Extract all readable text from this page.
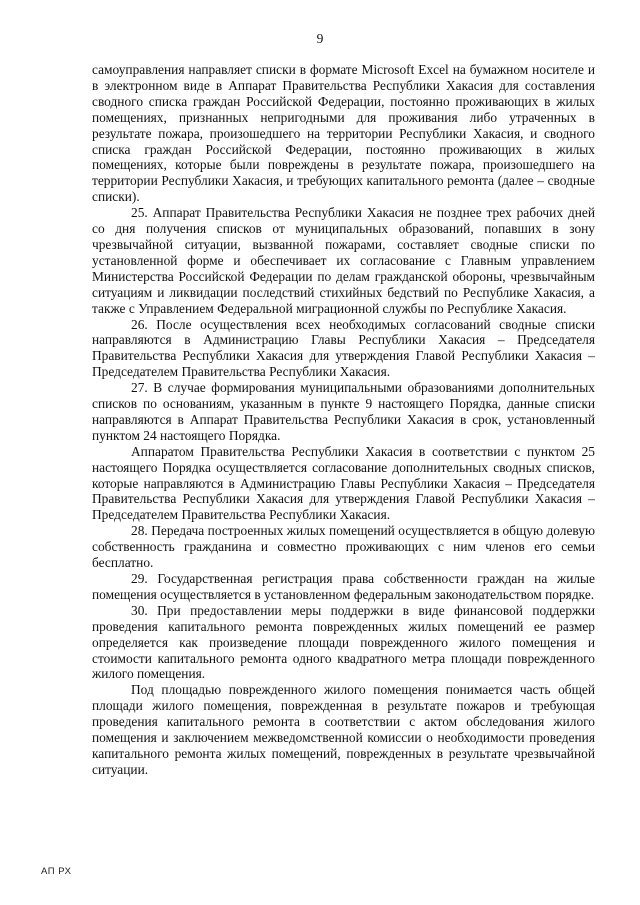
9

самоуправления направляет списки в формате Microsoft Excel на бумажном носителе и в электронном виде в Аппарат Правительства Республики Хакасия для составления сводного списка граждан Российской Федерации, постоянно проживающих в жилых помещениях, признанных непригодными для проживания либо утраченных в результате пожара, произошедшего на территории Республики Хакасия, и сводного списка граждан Российской Федерации, постоянно проживающих в жилых помещениях, которые были повреждены в результате пожара, произошедшего на территории Республики Хакасия, и требующих капитального ремонта (далее – сводные списки).

25. Аппарат Правительства Республики Хакасия не позднее трех рабочих дней со дня получения списков от муниципальных образований, попавших в зону чрезвычайной ситуации, вызванной пожарами, составляет сводные списки по установленной форме и обеспечивает их согласование с Главным управлением Министерства Российской Федерации по делам гражданской обороны, чрезвычайным ситуациям и ликвидации последствий стихийных бедствий по Республике Хакасия, а также с Управлением Федеральной миграционной службы по Республике Хакасия.

26. После осуществления всех необходимых согласований сводные списки направляются в Администрацию Главы Республики Хакасия – Председателя Правительства Республики Хакасия для утверждения Главой Республики Хакасия – Председателем Правительства Республики Хакасия.

27. В случае формирования муниципальными образованиями дополнительных списков по основаниям, указанным в пункте 9 настоящего Порядка, данные списки направляются в Аппарат Правительства Республики Хакасия в срок, установленный пунктом 24 настоящего Порядка.

Аппаратом Правительства Республики Хакасия в соответствии с пунктом 25 настоящего Порядка осуществляется согласование дополнительных сводных списков, которые направляются в Администрацию Главы Республики Хакасия – Председателя Правительства Республики Хакасия для утверждения Главой Республики Хакасия – Председателем Правительства Республики Хакасия.

28. Передача построенных жилых помещений осуществляется в общую долевую собственность гражданина и совместно проживающих с ним членов его семьи бесплатно.

29. Государственная регистрация права собственности граждан на жилые помещения осуществляется в установленном федеральным законодательством порядке.

30. При предоставлении меры поддержки в виде финансовой поддержки проведения капитального ремонта поврежденных жилых помещений ее размер определяется как произведение площади поврежденного жилого помещения и стоимости капитального ремонта одного квадратного метра площади поврежденного жилого помещения.

Под площадью поврежденного жилого помещения понимается часть общей площади жилого помещения, поврежденная в результате пожаров и требующая проведения капитального ремонта в соответствии с актом обследования жилого помещения и заключением межведомственной комиссии о необходимости проведения капитального ремонта жилых помещений, поврежденных в результате чрезвычайной ситуации.

АП РХ
